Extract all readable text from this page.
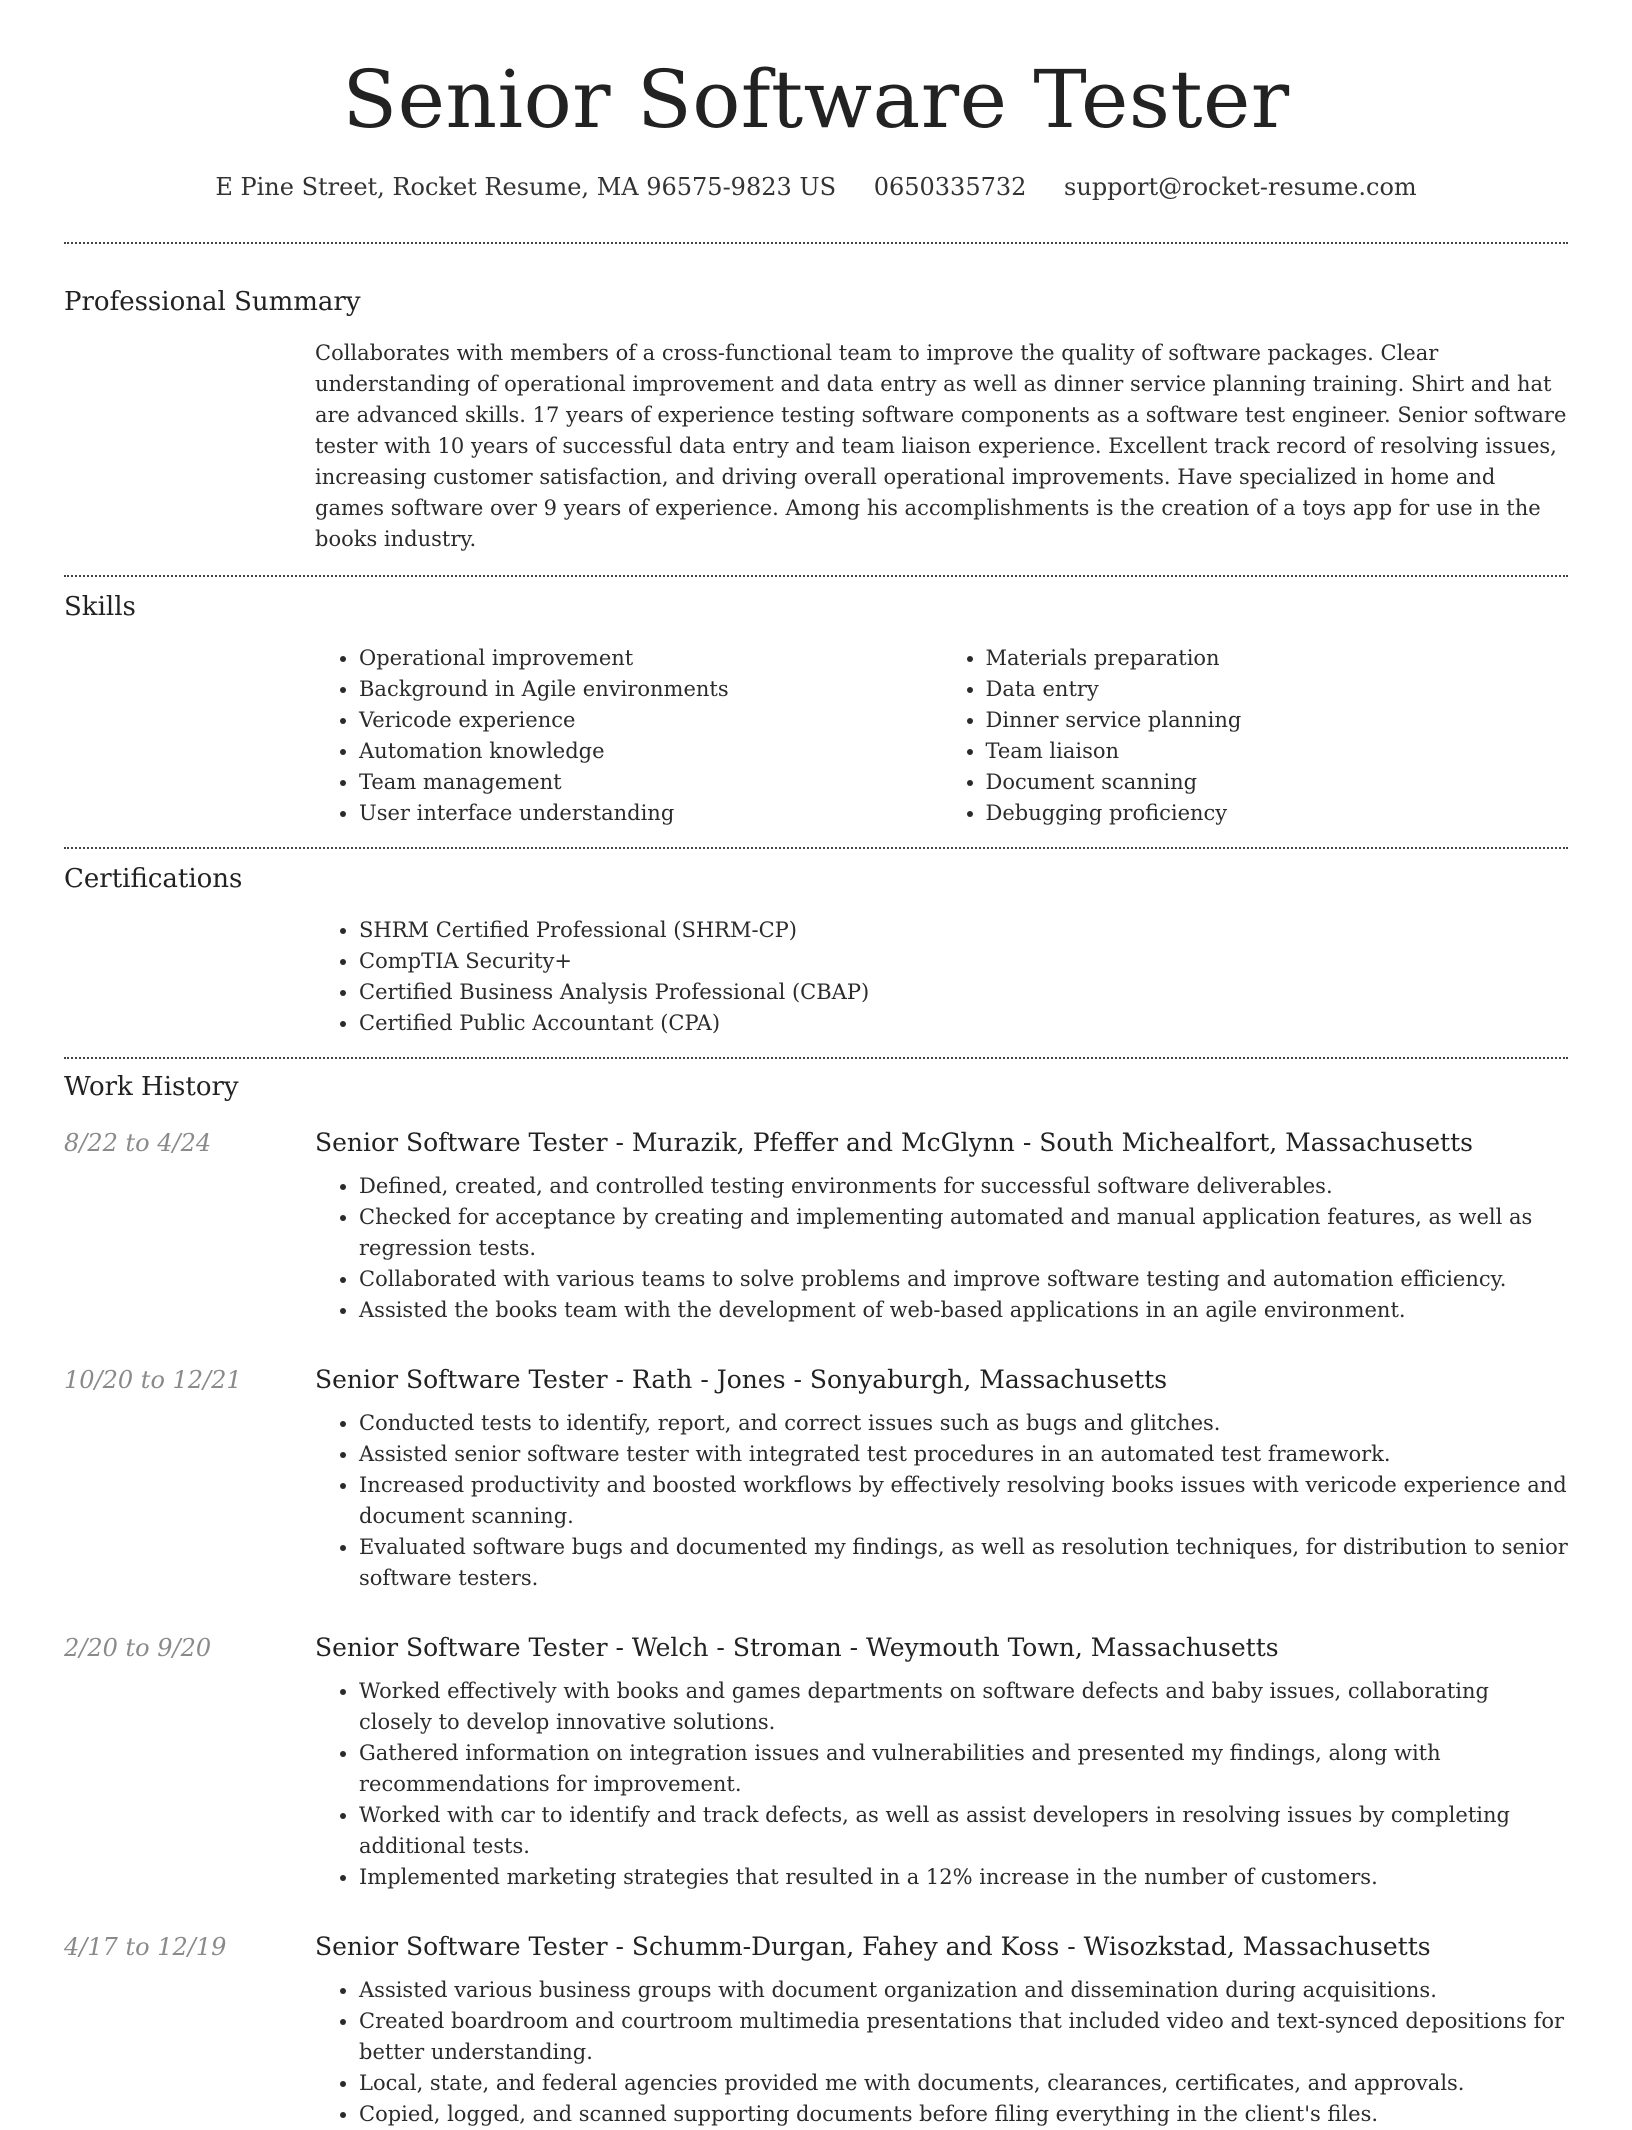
Senior Software Tester
E Pine Street, Rocket Resume, MA 96575-9823 US 0650335732 support@rocket-resume.com
Professional Summary

Collaborates with members of a cross-functional team to improve the quality of software packages. Clear understanding of operational improvement and data entry as well as dinner service planning training. Shirt and hat are advanced skills. 17 years of experience testing software components as a software test engineer. Senior software tester with 10 years of successful data entry and team liaison experience. Excellent track record of resolving issues, increasing customer satisfaction, and driving overall operational improvements. Have specialized in home and games software over 9 years of experience. Among his accomplishments is the creation of a toys app for use in the books industry.

Skills
• Operational improvement
• Background in Agile environments
• Vericode experience
• Automation knowledge
• Team management
• User interface understanding
• Materials preparation
• Data entry
• Dinner service planning
• Team liaison
• Document scanning
• Debugging proficiency
Certifications
• SHRM Certified Professional (SHRM-CP)
• CompTIA Security+
• Certified Business Analysis Professional (CBAP)
• Certified Public Accountant (CPA)
Work History
8/22 to 4/24	Senior Software Tester - Murazik, Pfeffer and McGlynn - South Michealfort, Massachusetts
• Defined, created, and controlled testing environments for successful software deliverables.
• Checked for acceptance by creating and implementing automated and manual application features, as well as regression tests.
• Collaborated with various teams to solve problems and improve software testing and automation efficiency.
• Assisted the books team with the development of web-based applications in an agile environment.
10/20 to 12/21	Senior Software Tester - Rath - Jones - Sonyaburgh, Massachusetts
• Conducted tests to identify, report, and correct issues such as bugs and glitches.
• Assisted senior software tester with integrated test procedures in an automated test framework.
• Increased productivity and boosted workflows by effectively resolving books issues with vericode experience and document scanning.
• Evaluated software bugs and documented my findings, as well as resolution techniques, for distribution to senior software testers.
2/20 to 9/20	Senior Software Tester - Welch - Stroman - Weymouth Town, Massachusetts
• Worked effectively with books and games departments on software defects and baby issues, collaborating closely to develop innovative solutions.
• Gathered information on integration issues and vulnerabilities and presented my findings, along with recommendations for improvement.
• Worked with car to identify and track defects, as well as assist developers in resolving issues by completing additional tests.
• Implemented marketing strategies that resulted in a 12% increase in the number of customers.
4/17 to 12/19	Senior Software Tester - Schumm-Durgan, Fahey and Koss - Wisozkstad, Massachusetts
• Assisted various business groups with document organization and dissemination during acquisitions.
• Created boardroom and courtroom multimedia presentations that included video and text-synced depositions for better understanding.
• Local, state, and federal agencies provided me with documents, clearances, certificates, and approvals.
• Copied, logged, and scanned supporting documents before filing everything in the client's files.
